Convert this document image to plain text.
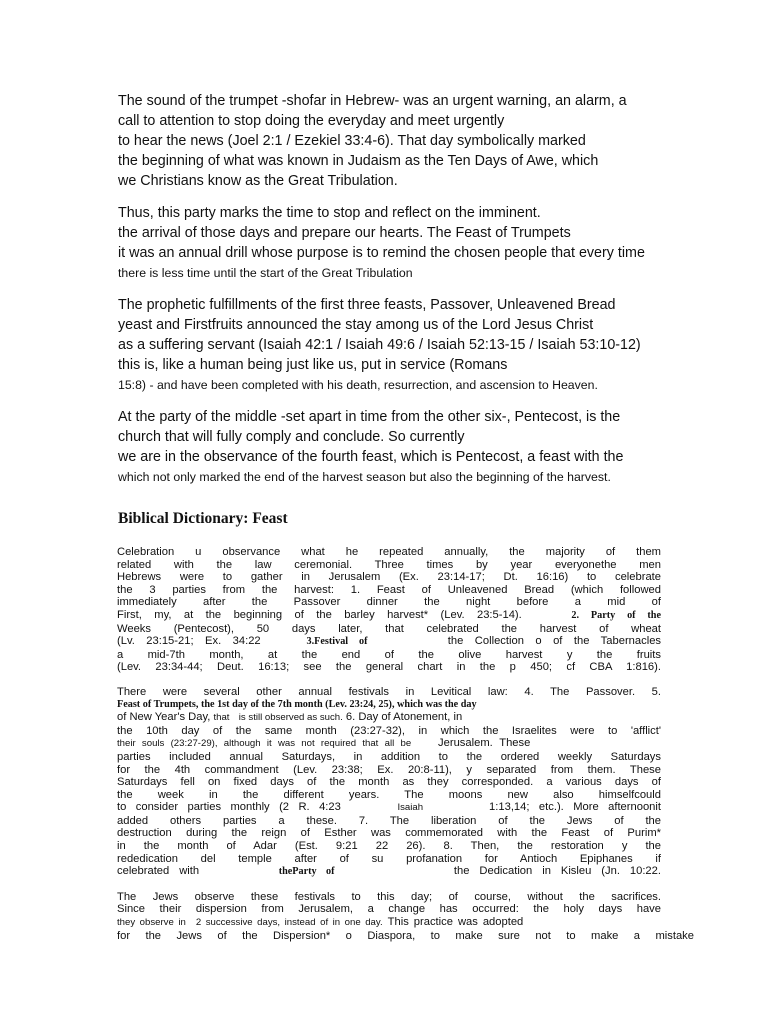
The sound of the trumpet -shofar in Hebrew- was an urgent warning, an alarm, a
call to attention to stop doing the everyday and meet urgently
to hear the news (Joel 2:1 / Ezekiel 33:4-6). That day symbolically marked
the beginning of what was known in Judaism as the Ten Days of Awe, which
we Christians know as the Great Tribulation.

Thus, this party marks the time to stop and reflect on the imminent.
the arrival of those days and prepare our hearts. The Feast of Trumpets
it was an annual drill whose purpose is to remind the chosen people that every time
there is less time until the start of the Great Tribulation

The prophetic fulfillments of the first three feasts, Passover, Unleavened Bread
yeast and Firstfruits announced the stay among us of the Lord Jesus Christ
as a suffering servant (Isaiah 42:1 / Isaiah 49:6 / Isaiah 52:13-15 / Isaiah 53:10-12)
this is, like a human being just like us, put in service (Romans
15:8) - and have been completed with his death, resurrection, and ascension to Heaven.

At the party of the middle -set apart in time from the other six-, Pentecost, is the
church that will fully comply and conclude. So currently
we are in the observance of the fourth feast, which is Pentecost, a feast with the
which not only marked the end of the harvest season but also the beginning of the harvest.

Biblical Dictionary: Feast

Celebration u observance what he repeated annually, the majority of them
related with the law ceremonial. Three times by year everyonethe men
Hebrews were to gather in Jerusalem (Ex. 23:14-17; Dt. 16:16) to celebrate
the 3 parties from the harvest: 1. Feast of Unleavened Bread (which followed
immediately after the Passover dinner the night before a mid of
First, my, at the beginning of the barley harvest* (Lev. 23:5-14).	2. Party of the
Weeks (Pentecost), 50 days later, that celebrated the harvest of wheat
(Lv. 23:15-21; Ex. 34:22	3.Festival of	the Collection o of the Tabernacles
a mid-7th month, at the end of the olive harvest y the fruits
(Lev. 23:34-44; Deut. 16:13; see the general chart in the p 450; cf CBA 1:816).

There were several other annual festivals in Levitical law: 4. The Passover. 5.
Feast of Trumpets, the 1st day of the 7th month (Lev. 23:24, 25), which was the day
of New Year's Day, that is still observed as such. 6. Day of Atonement, in
the 10th day of the same month (23:27-32), in which the Israelites were to 'afflict'
their souls (23:27-29), although it was not required that all be Jerusalem. These
parties included annual Saturdays, in addition to the ordered weekly Saturdays
for the 4th commandment (Lev. 23:38; Ex. 20:8-11), y separated from them. These
Saturdays fell on fixed days of the month as they corresponded. a various days of
the week in the different years. The moons new also himselfcould
to consider parties monthly (2 R. 4:23	Isaiah	1:13,14; etc.). More afternoonit
added others parties a these. 7. The liberation of the Jews of the
destruction during the reign of Esther was commemorated with the Feast of Purim*
in the month of Adar (Est. 9:21 22 26). 8. Then, the restoration y the
rededication del temple after of su profanation for Antioch Epiphanes if
celebrated with	theParty of	the Dedication in Kisleu (Jn. 10:22.

The Jews observe these festivals to this day; of course, without the sacrifices.
Since their dispersion from Jerusalem, a change has occurred: the holy days have
they observe in 2 successive days, instead of in one day. This practice was adopted
for the Jews of the Dispersion* o Diaspora, to make sure not to make a mistake
